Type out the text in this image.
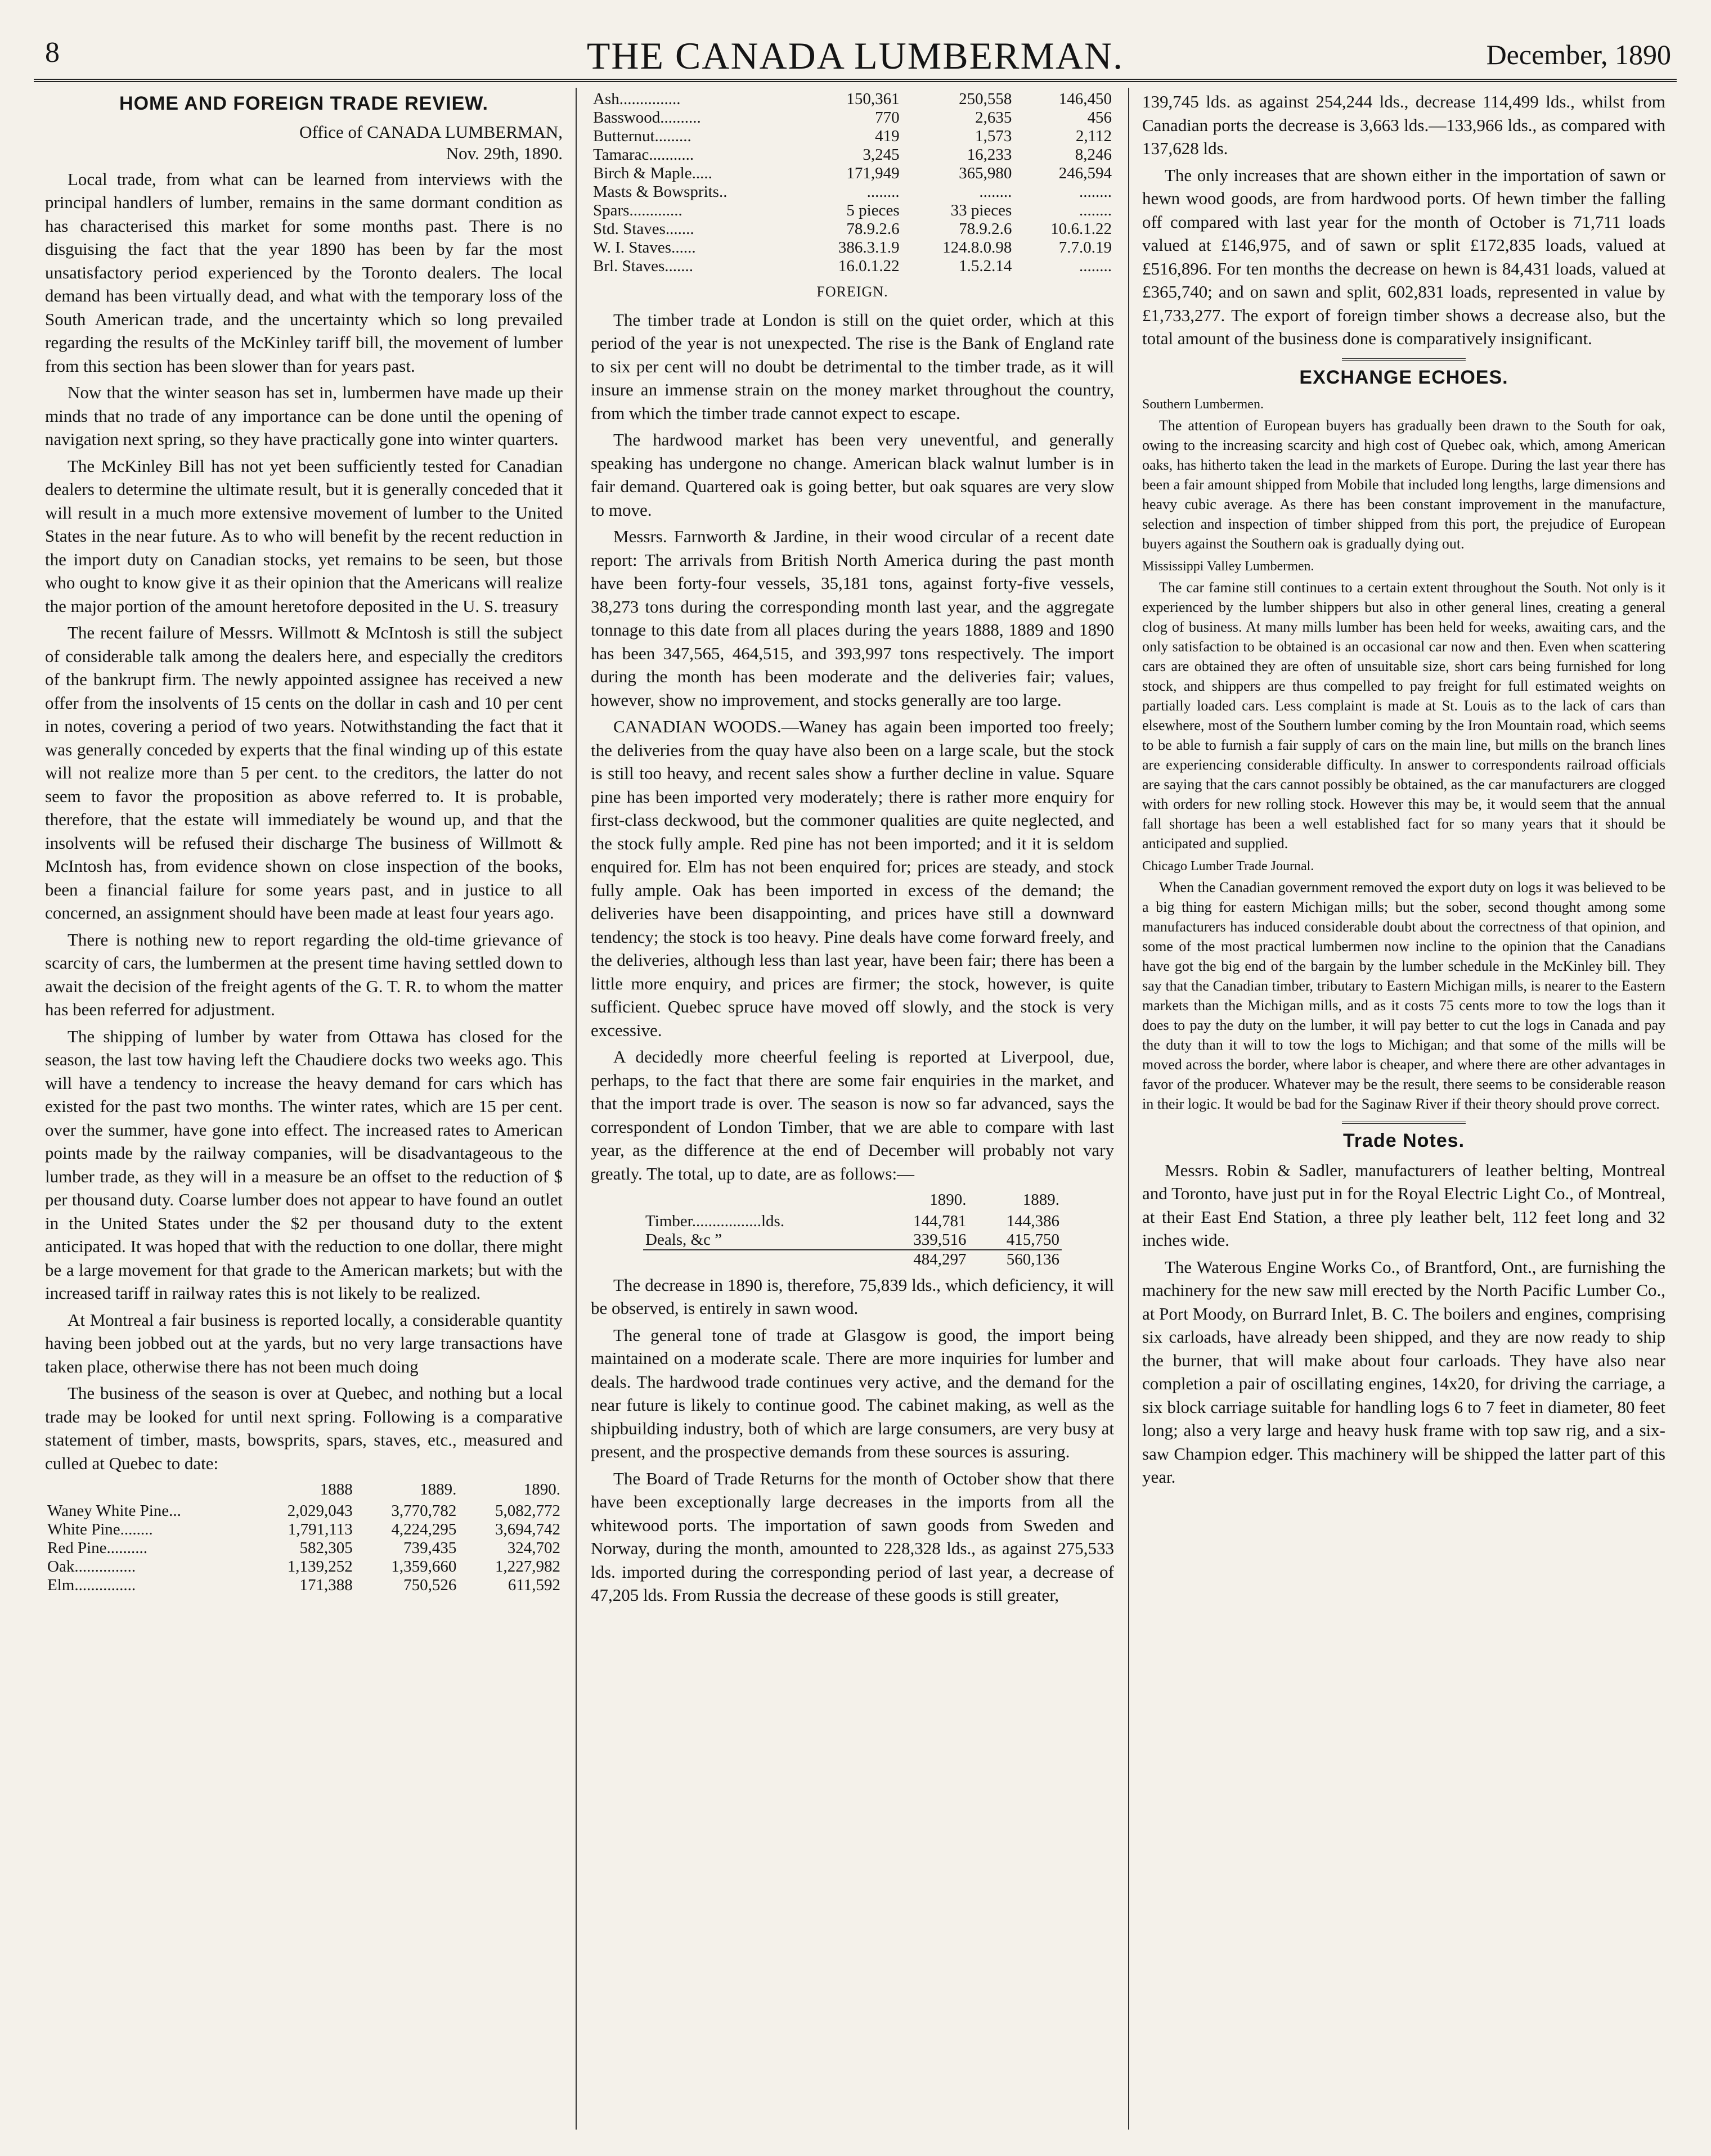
8	THE CANADA LUMBERMAN.	December, 1890
HOME AND FOREIGN TRADE REVIEW.
Office of CANADA LUMBERMAN,
Nov. 29th, 1890.

Local trade, from what can be learned from interviews with the principal handlers of lumber, remains in the same dormant condition as has characterised this market for some months past. There is no disguising the fact that the year 1890 has been by far the most unsatisfactory period experienced by the Toronto dealers. The local demand has been virtually dead, and what with the temporary loss of the South American trade, and the uncertainty which so long prevailed regarding the results of the McKinley tariff bill, the movement of lumber from this section has been slower than for years past.

Now that the winter season has set in, lumbermen have made up their minds that no trade of any importance can be done until the opening of navigation next spring, so they have practically gone into winter quarters.

The McKinley Bill has not yet been sufficiently tested for Canadian dealers to determine the ultimate result, but it is generally conceded that it will result in a much more extensive movement of lumber to the United States in the near future. As to who will benefit by the recent reduction in the import duty on Canadian stocks, yet remains to be seen, but those who ought to know give it as their opinion that the Americans will realize the major portion of the amount heretofore deposited in the U. S. treasury

The recent failure of Messrs. Willmott & McIntosh is still the subject of considerable talk among the dealers here, and especially the creditors of the bankrupt firm. The newly appointed assignee has received a new offer from the insolvents of 15 cents on the dollar in cash and 10 per cent in notes, covering a period of two years. Notwithstanding the fact that it was generally conceded by experts that the final winding up of this estate will not realize more than 5 per cent. to the creditors, the latter do not seem to favor the proposition as above referred to. It is probable, therefore, that the estate will immediately be wound up, and that the insolvents will be refused their discharge The business of Willmott & McIntosh has, from evidence shown on close inspection of the books, been a financial failure for some years past, and in justice to all concerned, an assignment should have been made at least four years ago.

There is nothing new to report regarding the old-time grievance of scarcity of cars, the lumbermen at the present time having settled down to await the decision of the freight agents of the G. T. R. to whom the matter has been referred for adjustment.

The shipping of lumber by water from Ottawa has closed for the season, the last tow having left the Chaudiere docks two weeks ago. This will have a tendency to increase the heavy demand for cars which has existed for the past two months. The winter rates, which are 15 per cent. over the summer, have gone into effect. The increased rates to American points made by the railway companies, will be disadvantageous to the lumber trade, as they will in a measure be an offset to the reduction of $ per thousand duty. Coarse lumber does not appear to have found an outlet in the United States under the $2 per thousand duty to the extent anticipated. It was hoped that with the reduction to one dollar, there might be a large movement for that grade to the American markets; but with the increased tariff in railway rates this is not likely to be realized.

At Montreal a fair business is reported locally, a considerable quantity having been jobbed out at the yards, but no very large transactions have taken place, otherwise there has not been much doing

The business of the season is over at Quebec, and nothing but a local trade may be looked for until next spring. Following is a comparative statement of timber, masts, bowsprits, spars, staves, etc., measured and culled at Quebec to date:

	1888	1889.	1890.
Waney White Pine...	2,029,043	3,770,782	5,082,772
White Pine........	1,791,113	4,224,295	3,694,742
Red Pine..........	582,305	739,435	324,702
Oak...............	1,139,252	1,359,660	1,227,982
Elm...............	171,388	750,526	611,592
Ash...............	150,361	250,558	146,450
Basswood..........	770	2,635	456
Butternut.........	419	1,573	2,112
Tamarac...........	3,245	16,233	8,246
Birch & Maple.....	171,949	365,980	246,594
Masts & Bowsprits..	........	........	........
Spars.............	5 pieces	33 pieces	........
Std. Staves.......	78.9.2.6	78.9.2.6	10.6.1.22
W. I. Staves......	386.3.1.9	124.8.0.98	7.7.0.19
Brl. Staves.......	16.0.1.22	1.5.2.14	........
FOREIGN.

The timber trade at London is still on the quiet order, which at this period of the year is not unexpected. The rise is the Bank of England rate to six per cent will no doubt be detrimental to the timber trade, as it will insure an immense strain on the money market throughout the country, from which the timber trade cannot expect to escape.

The hardwood market has been very uneventful, and generally speaking has undergone no change. American black walnut lumber is in fair demand. Quartered oak is going better, but oak squares are very slow to move.

Messrs. Farnworth & Jardine, in their wood circular of a recent date report: The arrivals from British North America during the past month have been forty-four vessels, 35,181 tons, against forty-five vessels, 38,273 tons during the corresponding month last year, and the aggregate tonnage to this date from all places during the years 1888, 1889 and 1890 has been 347,565, 464,515, and 393,997 tons respectively. The import during the month has been moderate and the deliveries fair; values, however, show no improvement, and stocks generally are too large.

CANADIAN WOODS.—Waney has again been imported too freely; the deliveries from the quay have also been on a large scale, but the stock is still too heavy, and recent sales show a further decline in value. Square pine has been imported very moderately; there is rather more enquiry for first-class deckwood, but the commoner qualities are quite neglected, and the stock fully ample. Red pine has not been imported; and it it is seldom enquired for. Elm has not been enquired for; prices are steady, and stock fully ample. Oak has been imported in excess of the demand; the deliveries have been disappointing, and prices have still a downward tendency; the stock is too heavy. Pine deals have come forward freely, and the deliveries, although less than last year, have been fair; there has been a little more enquiry, and prices are firmer; the stock, however, is quite sufficient. Quebec spruce have moved off slowly, and the stock is very excessive.

A decidedly more cheerful feeling is reported at Liverpool, due, perhaps, to the fact that there are some fair enquiries in the market, and that the import trade is over. The season is now so far advanced, says the correspondent of London Timber, that we are able to compare with last year, as the difference at the end of December will probably not vary greatly. The total, up to date, are as follows:—

	1890.	1889.
Timber.................lds.	144,781	144,386
Deals, &c ”	339,516	415,750
	484,297	560,136

The decrease in 1890 is, therefore, 75,839 lds., which deficiency, it will be observed, is entirely in sawn wood.

The general tone of trade at Glasgow is good, the import being maintained on a moderate scale. There are more inquiries for lumber and deals. The hardwood trade continues very active, and the demand for the near future is likely to continue good. The cabinet making, as well as the shipbuilding industry, both of which are large consumers, are very busy at present, and the prospective demands from these sources is assuring.

The Board of Trade Returns for the month of October show that there have been exceptionally large decreases in the imports from all the whitewood ports. The importation of sawn goods from Sweden and Norway, during the month, amounted to 228,328 lds., as against 275,533 lds. imported during the corresponding period of last year, a decrease of 47,205 lds. From Russia the decrease of these goods is still greater,

139,745 lds. as against 254,244 lds., decrease 114,499 lds., whilst from Canadian ports the decrease is 3,663 lds.—133,966 lds., as compared with 137,628 lds.

The only increases that are shown either in the importation of sawn or hewn wood goods, are from hardwood ports. Of hewn timber the falling off compared with last year for the month of October is 71,711 loads valued at £146,975, and of sawn or split £172,835 loads, valued at £516,896. For ten months the decrease on hewn is 84,431 loads, valued at £365,740; and on sawn and split, 602,831 loads, represented in value by £1,733,277. The export of foreign timber shows a decrease also, but the total amount of the business done is comparatively insignificant.

EXCHANGE ECHOES.
Southern Lumbermen.

The attention of European buyers has gradually been drawn to the South for oak, owing to the increasing scarcity and high cost of Quebec oak, which, among American oaks, has hitherto taken the lead in the markets of Europe. During the last year there has been a fair amount shipped from Mobile that included long lengths, large dimensions and heavy cubic average. As there has been constant improvement in the manufacture, selection and inspection of timber shipped from this port, the prejudice of European buyers against the Southern oak is gradually dying out.

Mississippi Valley Lumbermen.

The car famine still continues to a certain extent throughout the South. Not only is it experienced by the lumber shippers but also in other general lines, creating a general clog of business. At many mills lumber has been held for weeks, awaiting cars, and the only satisfaction to be obtained is an occasional car now and then. Even when scattering cars are obtained they are often of unsuitable size, short cars being furnished for long stock, and shippers are thus compelled to pay freight for full estimated weights on partially loaded cars. Less complaint is made at St. Louis as to the lack of cars than elsewhere, most of the Southern lumber coming by the Iron Mountain road, which seems to be able to furnish a fair supply of cars on the main line, but mills on the branch lines are experiencing considerable difficulty. In answer to correspondents railroad officials are saying that the cars cannot possibly be obtained, as the car manufacturers are clogged with orders for new rolling stock. However this may be, it would seem that the annual fall shortage has been a well established fact for so many years that it should be anticipated and supplied.

Chicago Lumber Trade Journal.

When the Canadian government removed the export duty on logs it was believed to be a big thing for eastern Michigan mills; but the sober, second thought among some manufacturers has induced considerable doubt about the correctness of that opinion, and some of the most practical lumbermen now incline to the opinion that the Canadians have got the big end of the bargain by the lumber schedule in the McKinley bill. They say that the Canadian timber, tributary to Eastern Michigan mills, is nearer to the Eastern markets than the Michigan mills, and as it costs 75 cents more to tow the logs than it does to pay the duty on the lumber, it will pay better to cut the logs in Canada and pay the duty than it will to tow the logs to Michigan; and that some of the mills will be moved across the border, where labor is cheaper, and where there are other advantages in favor of the producer. Whatever may be the result, there seems to be considerable reason in their logic. It would be bad for the Saginaw River if their theory should prove correct.

Trade Notes.

Messrs. Robin & Sadler, manufacturers of leather belting, Montreal and Toronto, have just put in for the Royal Electric Light Co., of Montreal, at their East End Station, a three ply leather belt, 112 feet long and 32 inches wide.

The Waterous Engine Works Co., of Brantford, Ont., are furnishing the machinery for the new saw mill erected by the North Pacific Lumber Co., at Port Moody, on Burrard Inlet, B. C. The boilers and engines, comprising six carloads, have already been shipped, and they are now ready to ship the burner, that will make about four carloads. They have also near completion a pair of oscillating engines, 14x20, for driving the carriage, a six block carriage suitable for handling logs 6 to 7 feet in diameter, 80 feet long; also a very large and heavy husk frame with top saw rig, and a six-saw Champion edger. This machinery will be shipped the latter part of this year.
